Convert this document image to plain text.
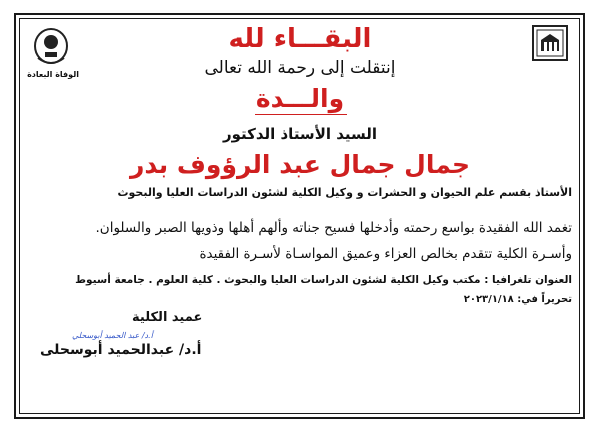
الوفاة البعادة
البقـــاء لله
إنتقلت إلى رحمة الله تعالى
والـــدة
السيد الأستاذ الدكتور
جمال جمال عبد الرؤوف بدر
الأستاذ بقسم علم الحيوان و الحشرات و وكيل الكلية لشئون الدراسات العليا والبحوث
تغمد الله الفقيدة بواسع رحمته وأدخلها فسيح جناته وألهم أهلها وذويها الصبر والسلوان.
وأسـرة الكلية تتقدم بخالص العزاء وعميق المواسـاة لأسـرة الفقيدة
العنوان تلغرافيا : مكتب وكيل الكلية لشئون الدراسات العليا والبحوث . كلية العلوم . جامعة أسيوط
تحريراً في: ٢٠٢٣/١/١٨
عميد الكلية
أ.د/ عبد الحميد أبوسحلي
أ.د/ عبدالحميد أبوسحلى
